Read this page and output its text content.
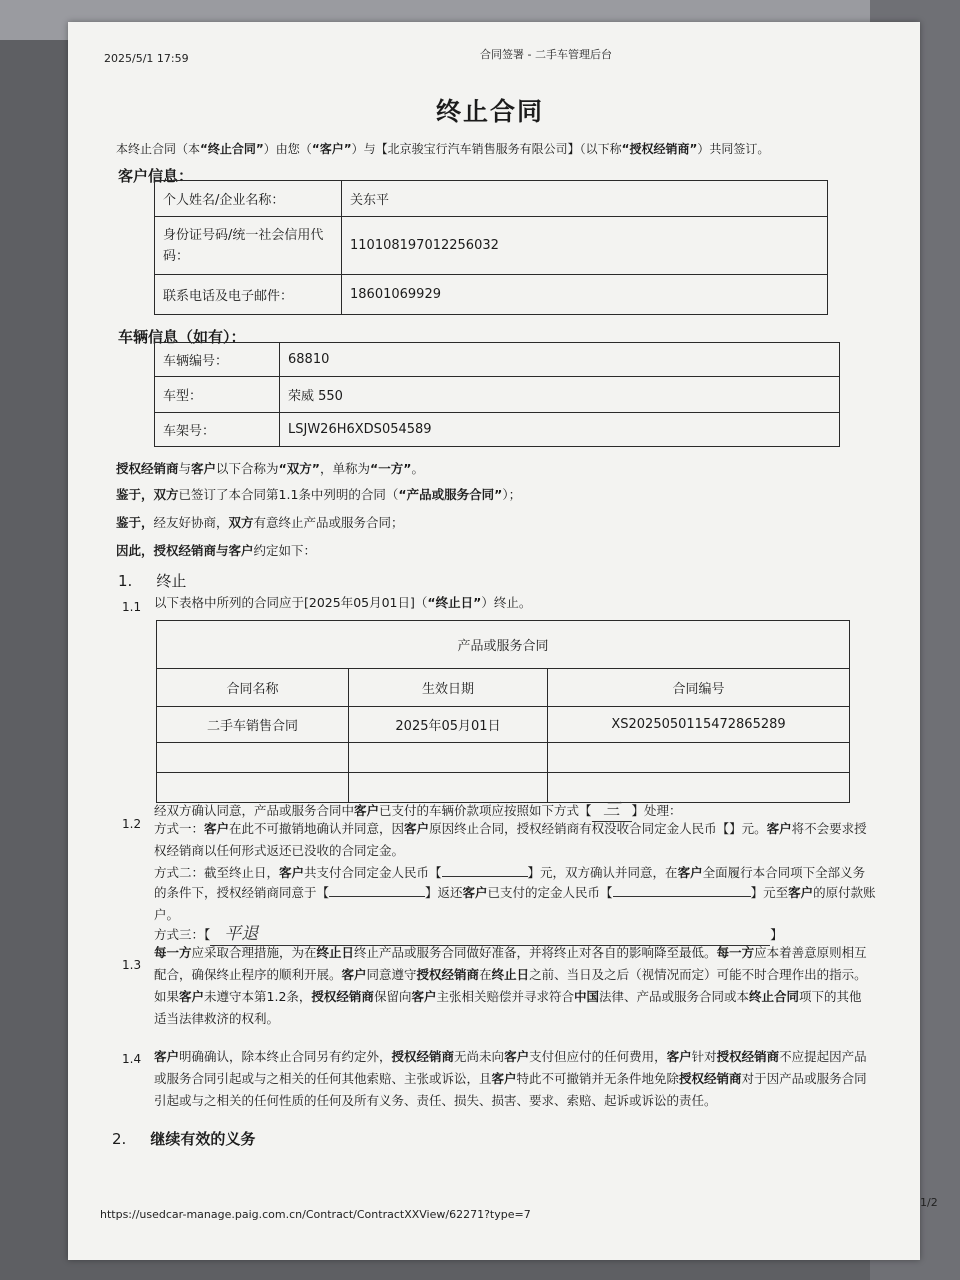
2025/5/1 17:59	合同签署 - 二手车管理后台
终止合同
本终止合同（本“终止合同”）由您（“客户”）与【北京骏宝行汽车销售服务有限公司】（以下称“授权经销商”）共同签订。
客户信息：
个人姓名/企业名称：	关东平
身份证号码/统一社会信用代码：	110108197012256032
联系电话及电子邮件：	18601069929
车辆信息（如有）：
车辆编号：	68810
车型：	荣威 550
车架号：	LSJW26H6XDS054589
授权经销商与客户以下合称为“双方”，单称为“一方”。
鉴于，双方已签订了本合同第1.1条中列明的合同（“产品或服务合同”）；
鉴于，经友好协商，双方有意终止产品或服务合同；
因此，授权经销商与客户约定如下：
1. 终止
1.1 以下表格中所列的合同应于[2025年05月01日]（“终止日”）终止。
产品或服务合同		
合同名称	生效日期	合同编号
二手车销售合同	2025年05月01日	XS20250501154728652​89

1.2
经双方确认同意，产品或服务合同中客户已支付的车辆价款项应按照如下方式【 三 】处理：
方式一：客户在此不可撤销地确认并同意，因客户原因终止合同，授权经销商有权没收合同定金人民币【】元。客户将不会要求授
权经销商以任何形式返还已没收的合同定金。
方式二：截至终止日，客户共支付合同定金人民币【	】元，双方确认并同意，在客户全面履行本合同项下全部义务
的条件下，授权经销商同意于【	】返还客户已支付的定金人民币【	】元至客户的原付款账
户。
方式三：【 平退	】
1.3
每一方应采取合理措施，为在终止日终止产品或服务合同做好准备，并将终止对各自的影响降至最低。每一方应本着善意原则相互
配合，确保终止程序的顺利开展。客户同意遵守授权经销商在终止日之前、当日及之后（视情况而定）可能不时合理作出的指示。
如果客户未遵守本第1.2条，授权经销商保留向客户主张相关赔偿并寻求符合中国法律、产品或服务合同或本终止合同项下的其他
适当法律救济的权利。
1.4 客户明确确认，除本终止合同另有约定外，授权经销商无尚未向客户支付但应付的任何费用，客户针对授权经销商不应提起因产品
或服务合同引起或与之相关的任何其他索赔、主张或诉讼，且客户特此不可撤销并无条件地免除授权经销商对于因产品或服务合同
引起或与之相关的任何性质的任何及所有义务、责任、损失、损害、要求、索赔、起诉或诉讼的责任。
2. 继续有效的义务
https://usedcar-manage.paig.com.cn/Contract/ContractXXView/62271?type=7
1/2
